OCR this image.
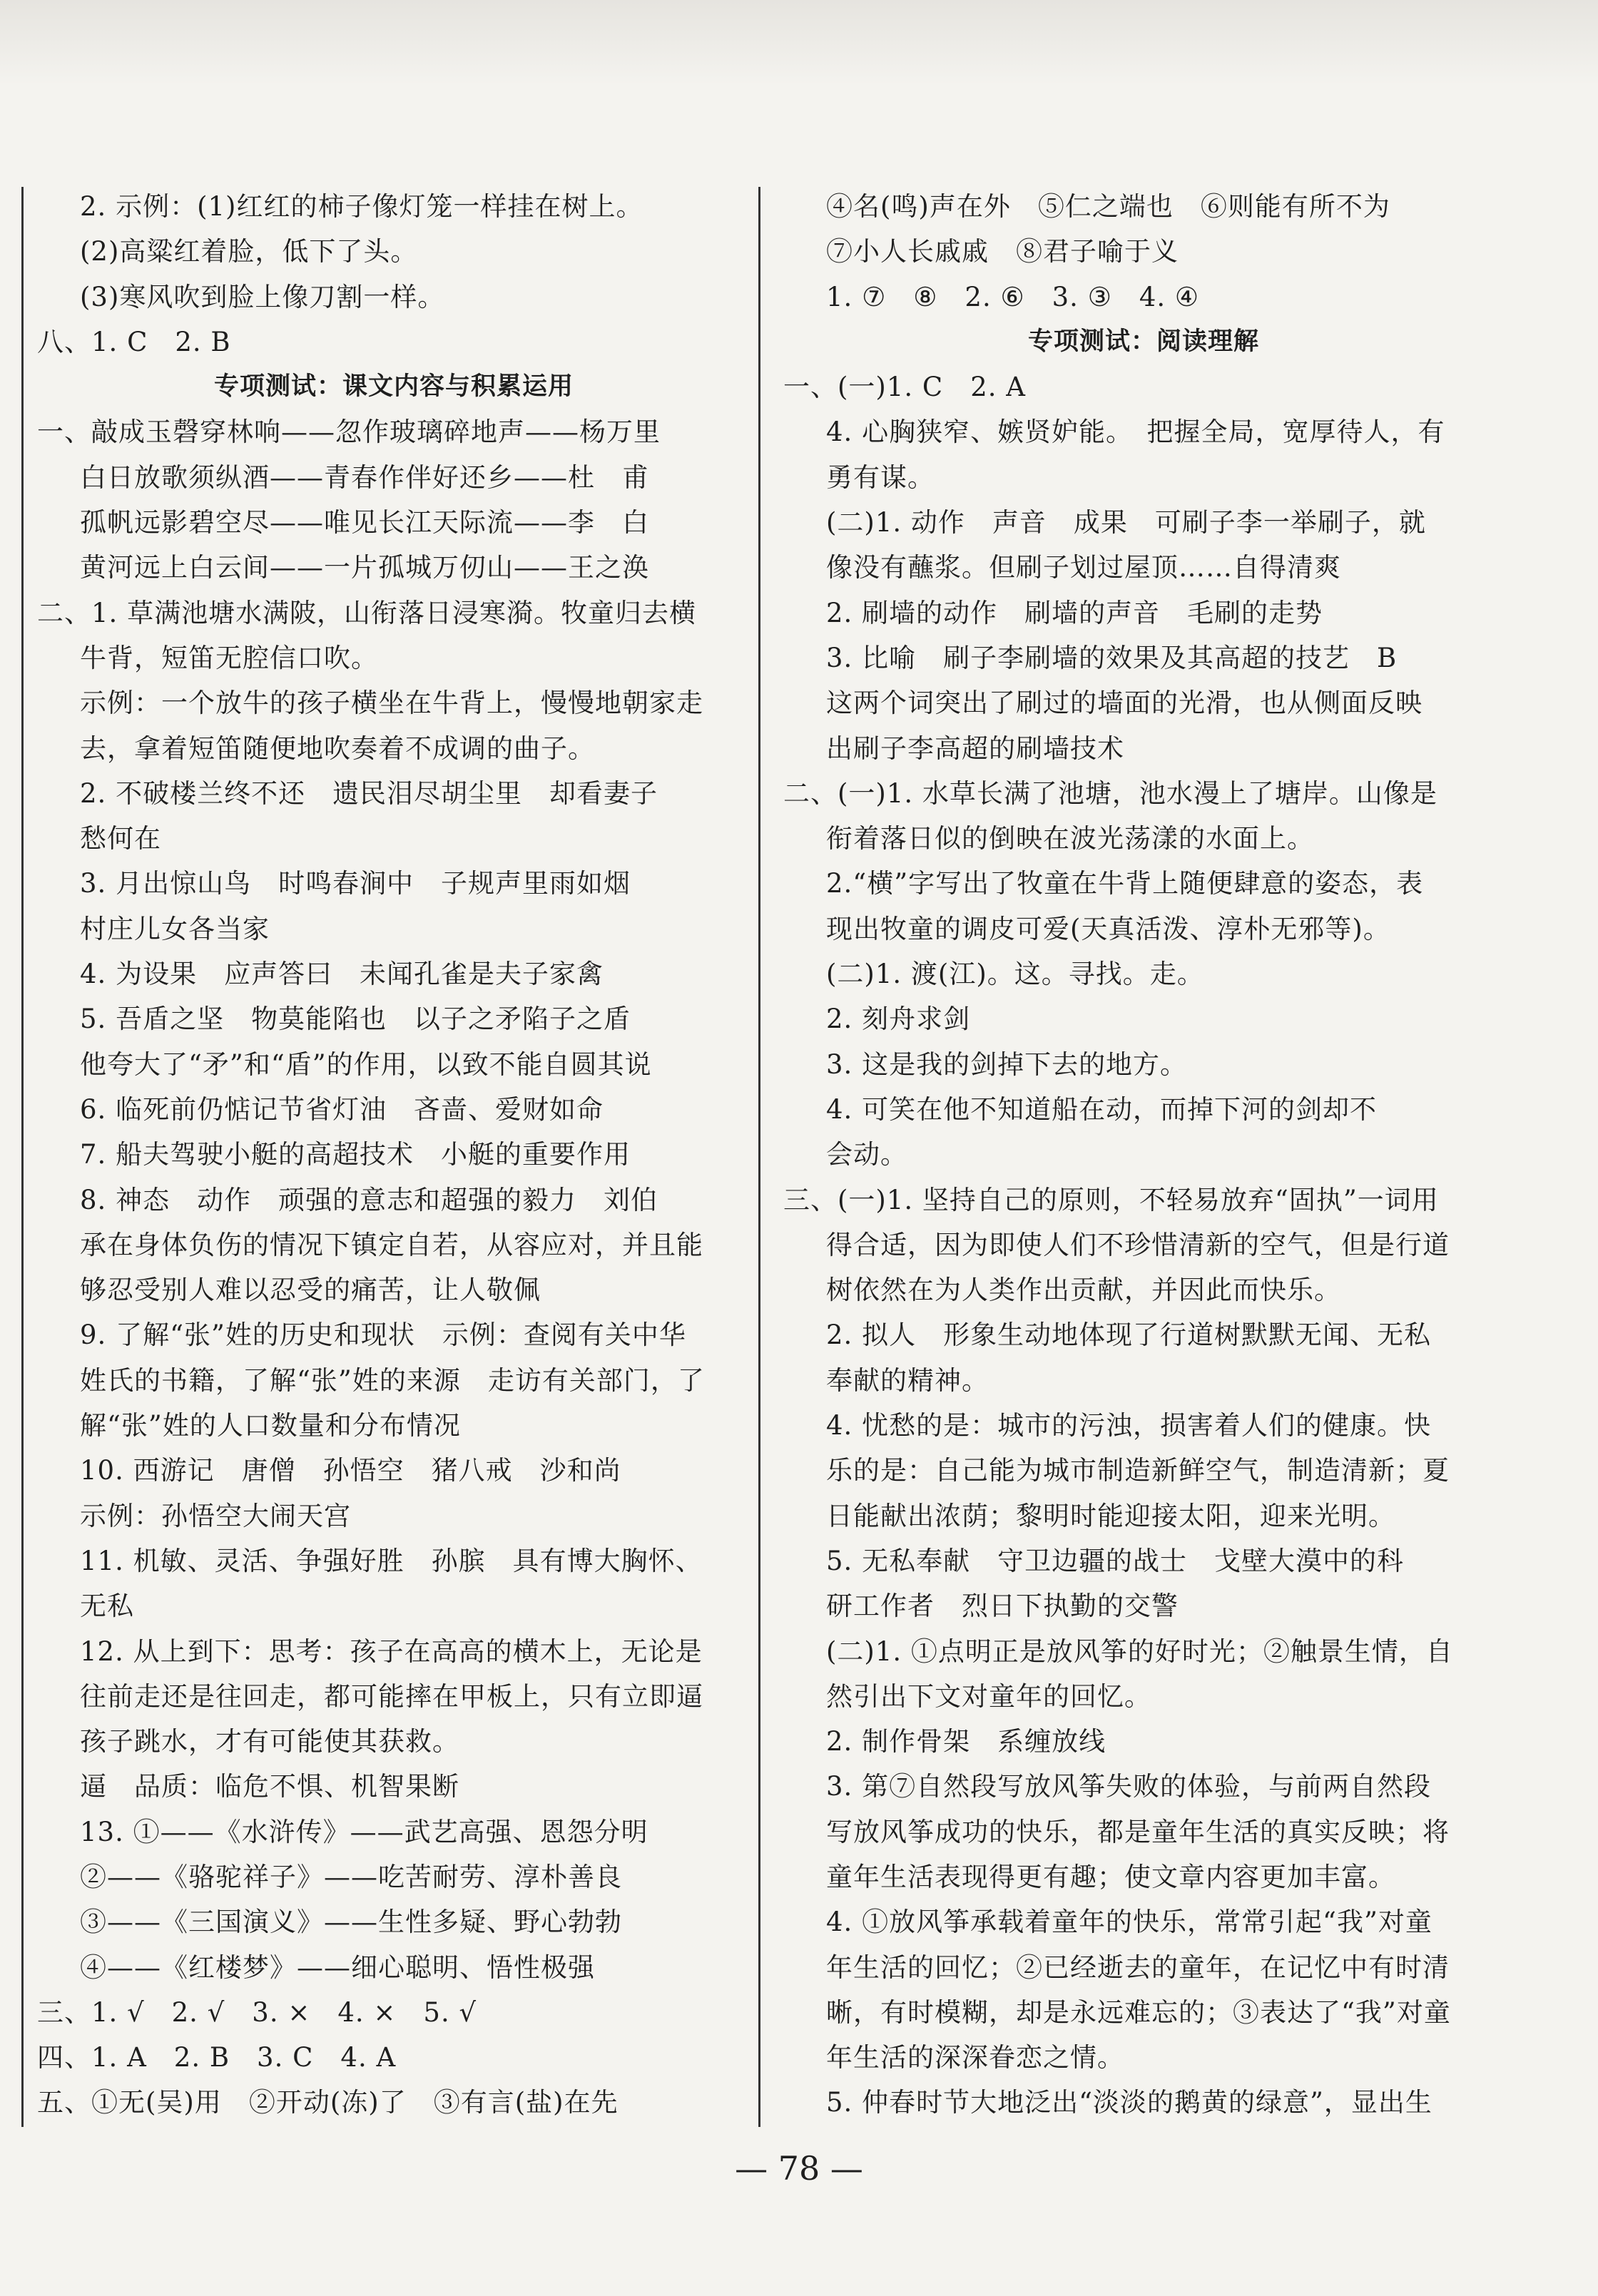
2. 示例：(1)红红的柿子像灯笼一样挂在树上。
(2)高粱红着脸，低下了头。
(3)寒风吹到脸上像刀割一样。
八、1. C　2. B
专项测试：课文内容与积累运用
一、敲成玉磬穿林响——忽作玻璃碎地声——杨万里
白日放歌须纵酒——青春作伴好还乡——杜　甫
孤帆远影碧空尽——唯见长江天际流——李　白
黄河远上白云间——一片孤城万仞山——王之涣
二、1. 草满池塘水满陂，山衔落日浸寒漪。牧童归去横
牛背，短笛无腔信口吹。
示例：一个放牛的孩子横坐在牛背上，慢慢地朝家走
去，拿着短笛随便地吹奏着不成调的曲子。
2. 不破楼兰终不还　遗民泪尽胡尘里　却看妻子
愁何在
3. 月出惊山鸟　时鸣春涧中　子规声里雨如烟
村庄儿女各当家
4. 为设果　应声答曰　未闻孔雀是夫子家禽
5. 吾盾之坚　物莫能陷也　以子之矛陷子之盾
他夸大了“矛”和“盾”的作用，以致不能自圆其说
6. 临死前仍惦记节省灯油　吝啬、爱财如命
7. 船夫驾驶小艇的高超技术　小艇的重要作用
8. 神态　动作　顽强的意志和超强的毅力　刘伯
承在身体负伤的情况下镇定自若，从容应对，并且能
够忍受别人难以忍受的痛苦，让人敬佩
9. 了解“张”姓的历史和现状　示例：查阅有关中华
姓氏的书籍，了解“张”姓的来源　走访有关部门，了
解“张”姓的人口数量和分布情况
10. 西游记　唐僧　孙悟空　猪八戒　沙和尚
示例：孙悟空大闹天宫
11. 机敏、灵活、争强好胜　孙膑　具有博大胸怀、
无私
12. 从上到下：思考：孩子在高高的横木上，无论是
往前走还是往回走，都可能摔在甲板上，只有立即逼
孩子跳水，才有可能使其获救。
逼　品质：临危不惧、机智果断
13. ①——《水浒传》——武艺高强、恩怨分明
②——《骆驼祥子》——吃苦耐劳、淳朴善良
③——《三国演义》——生性多疑、野心勃勃
④——《红楼梦》——细心聪明、悟性极强
三、1. √　2. √　3. ×　4. ×　5. √
四、1. A　2. B　3. C　4. A
五、①无(吴)用　②开动(冻)了　③有言(盐)在先
④名(鸣)声在外　⑤仁之端也　⑥则能有所不为
⑦小人长戚戚　⑧君子喻于义
1. ⑦　⑧　2. ⑥　3. ③　4. ④
专项测试：阅读理解
一、(一)1. C　2. A
4. 心胸狭窄、嫉贤妒能。　把握全局，宽厚待人，有
勇有谋。
(二)1. 动作　声音　成果　可刷子李一举刷子，就
像没有蘸浆。但刷子划过屋顶……自得清爽
2. 刷墙的动作　刷墙的声音　毛刷的走势
3. 比喻　刷子李刷墙的效果及其高超的技艺　B
这两个词突出了刷过的墙面的光滑，也从侧面反映
出刷子李高超的刷墙技术
二、(一)1. 水草长满了池塘，池水漫上了塘岸。山像是
衔着落日似的倒映在波光荡漾的水面上。
2.“横”字写出了牧童在牛背上随便肆意的姿态，表
现出牧童的调皮可爱(天真活泼、淳朴无邪等)。
(二)1. 渡(江)。这。寻找。走。
2. 刻舟求剑
3. 这是我的剑掉下去的地方。
4. 可笑在他不知道船在动，而掉下河的剑却不
会动。
三、(一)1. 坚持自己的原则，不轻易放弃“固执”一词用
得合适，因为即使人们不珍惜清新的空气，但是行道
树依然在为人类作出贡献，并因此而快乐。
2. 拟人　形象生动地体现了行道树默默无闻、无私
奉献的精神。
4. 忧愁的是：城市的污浊，损害着人们的健康。快
乐的是：自己能为城市制造新鲜空气，制造清新；夏
日能献出浓荫；黎明时能迎接太阳，迎来光明。
5. 无私奉献　守卫边疆的战士　戈壁大漠中的科
研工作者　烈日下执勤的交警
(二)1. ①点明正是放风筝的好时光；②触景生情，自
然引出下文对童年的回忆。
2. 制作骨架　系缠放线
3. 第⑦自然段写放风筝失败的体验，与前两自然段
写放风筝成功的快乐，都是童年生活的真实反映；将
童年生活表现得更有趣；使文章内容更加丰富。
4. ①放风筝承载着童年的快乐，常常引起“我”对童
年生活的回忆；②已经逝去的童年，在记忆中有时清
晰，有时模糊，却是永远难忘的；③表达了“我”对童
年生活的深深眷恋之情。
5. 仲春时节大地泛出“淡淡的鹅黄的绿意”，显出生
— 78 —
